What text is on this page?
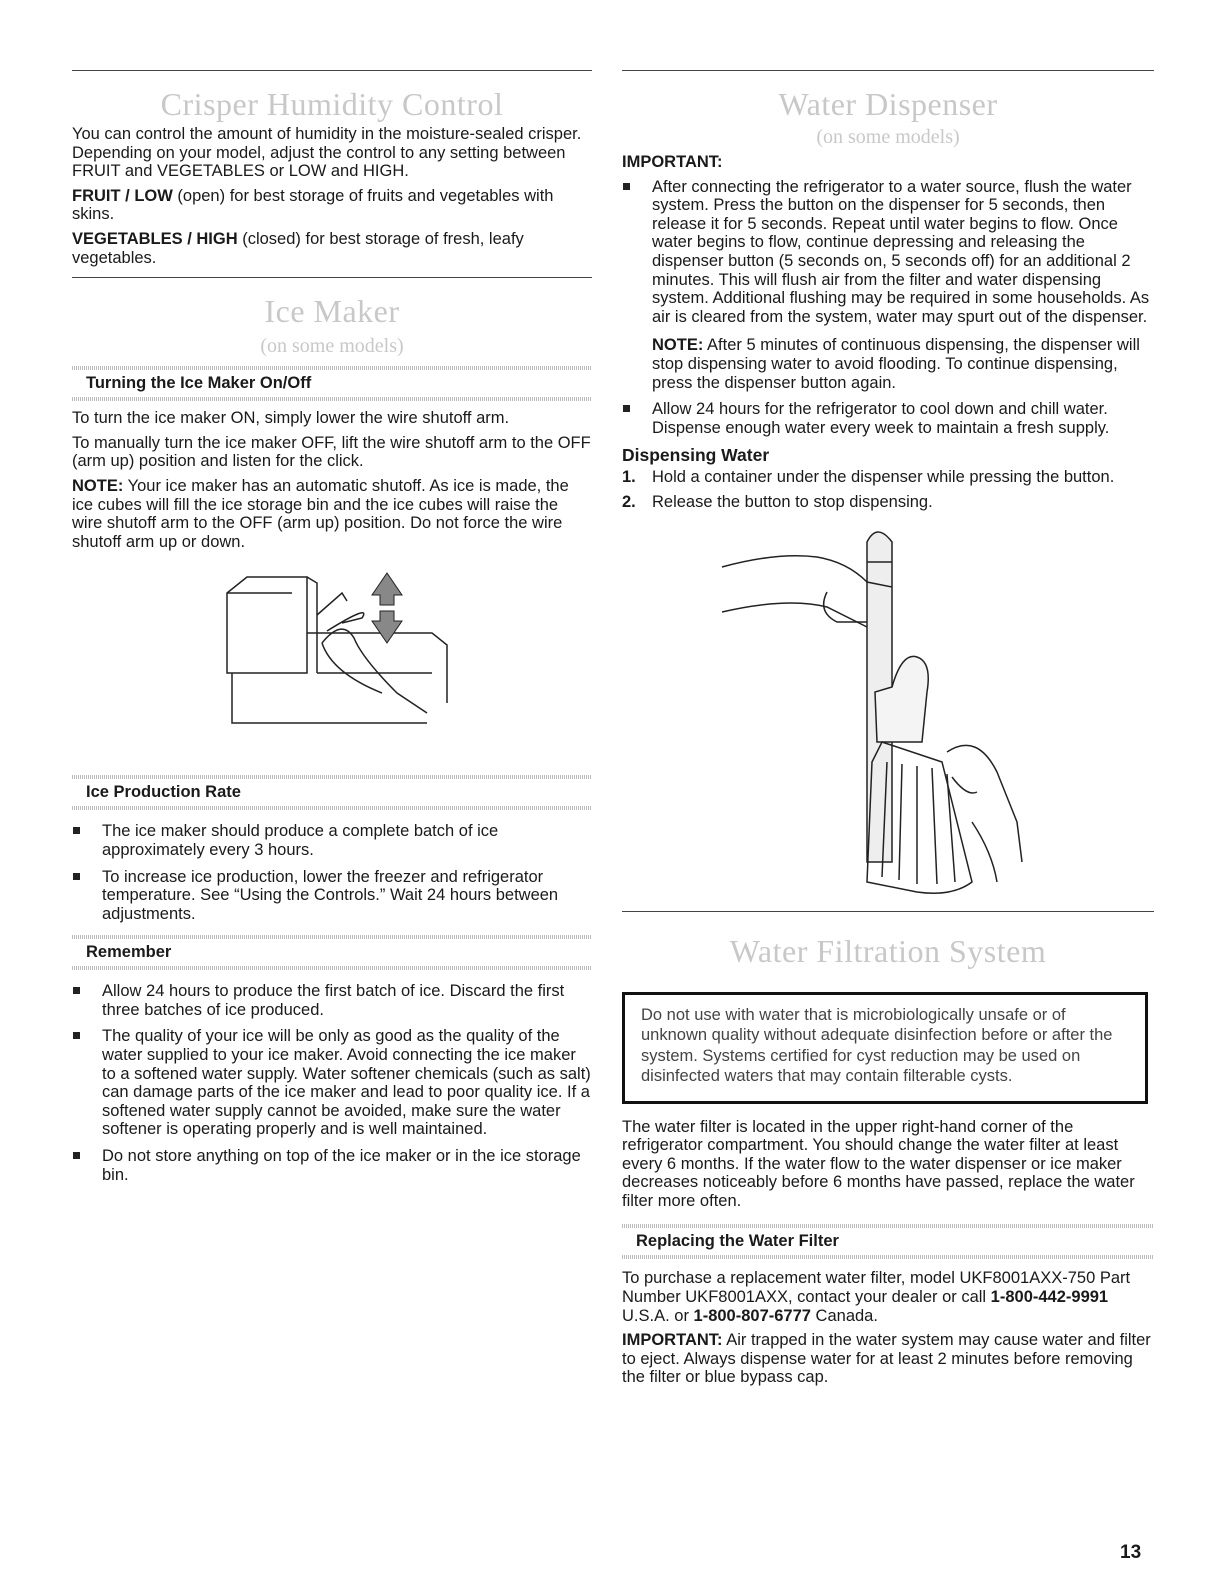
Crisper Humidity Control

You can control the amount of humidity in the moisture-sealed crisper. Depending on your model, adjust the control to any setting between FRUIT and VEGETABLES or LOW and HIGH.

FRUIT / LOW (open) for best storage of fruits and vegetables with skins.

VEGETABLES / HIGH (closed) for best storage of fresh, leafy vegetables.

Ice Maker
(on some models)
Turning the Ice Maker On/Off

To turn the ice maker ON, simply lower the wire shutoff arm.

To manually turn the ice maker OFF, lift the wire shutoff arm to the OFF (arm up) position and listen for the click.

NOTE: Your ice maker has an automatic shutoff. As ice is made, the ice cubes will fill the ice storage bin and the ice cubes will raise the wire shutoff arm to the OFF (arm up) position. Do not force the wire shutoff arm up or down.

Ice Production Rate
The ice maker should produce a complete batch of ice approximately every 3 hours.
To increase ice production, lower the freezer and refrigerator temperature. See “Using the Controls.” Wait 24 hours between adjustments.
Remember
Allow 24 hours to produce the first batch of ice. Discard the first three batches of ice produced.
The quality of your ice will be only as good as the quality of the water supplied to your ice maker. Avoid connecting the ice maker to a softened water supply. Water softener chemicals (such as salt) can damage parts of the ice maker and lead to poor quality ice. If a softened water supply cannot be avoided, make sure the water softener is operating properly and is well maintained.
Do not store anything on top of the ice maker or in the ice storage bin.
Water Dispenser
(on some models)

IMPORTANT:

After connecting the refrigerator to a water source, flush the water system. Press the button on the dispenser for 5 seconds, then release it for 5 seconds. Repeat until water begins to flow. Once water begins to flow, continue depressing and releasing the dispenser button (5 seconds on, 5 seconds off) for an additional 2 minutes. This will flush air from the filter and water dispensing system. Additional flushing may be required in some households. As air is cleared from the system, water may spurt out of the dispenser.
NOTE: After 5 minutes of continuous dispensing, the dispenser will stop dispensing water to avoid flooding. To continue dispensing, press the dispenser button again.
Allow 24 hours for the refrigerator to cool down and chill water. Dispense enough water every week to maintain a fresh supply.
Dispensing Water
1. Hold a container under the dispenser while pressing the button.
2. Release the button to stop dispensing.
Water Filtration System
Do not use with water that is microbiologically unsafe or of unknown quality without adequate disinfection before or after the system. Systems certified for cyst reduction may be used on disinfected waters that may contain filterable cysts.

The water filter is located in the upper right-hand corner of the refrigerator compartment. You should change the water filter at least every 6 months. If the water flow to the water dispenser or ice maker decreases noticeably before 6 months have passed, replace the water filter more often.

Replacing the Water Filter

To purchase a replacement water filter, model UKF8001AXX-750 Part Number UKF8001AXX, contact your dealer or call 1-800-442-9991 U.S.A. or 1-800-807-6777 Canada.

IMPORTANT: Air trapped in the water system may cause water and filter to eject. Always dispense water for at least 2 minutes before removing the filter or blue bypass cap.

13
